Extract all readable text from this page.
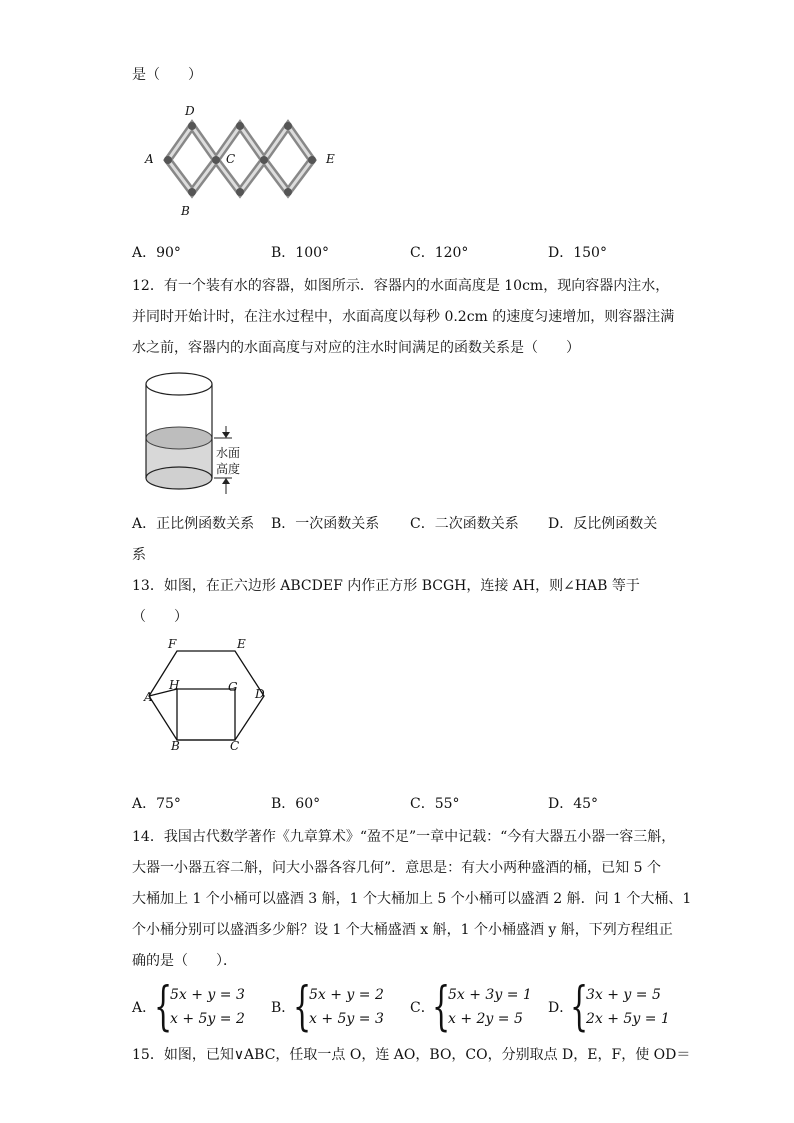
是（　　）
D
A	C	E
B
A．90°	B．100°	C．120°	D．150°
12．有一个装有水的容器，如图所示．容器内的水面高度是 10cm，现向容器内注水，
并同时开始计时，在注水过程中，水面高度以每秒 0.2cm 的速度匀速增加，则容器注满
水之前，容器内的水面高度与对应的注水时间满足的函数关系是（　　）
水面
高度
A．正比例函数关系 B．一次函数关系 C．二次函数关系 D．反比例函数关
系
13．如图，在正六边形 ABCDEF 内作正方形 BCGH，连接 AH，则∠HAB 等于
（　　）
F	E
A
H	G D
B	C
A．75°	B．60°	C．55°	D．45°
14．我国古代数学著作《九章算术》“盈不足”一章中记载：“今有大器五小器一容三斛，
大器一小器五容二斛，问大小器各容几何”．意思是：有大小两种盛酒的桶，已知 5 个
大桶加上 1 个小桶可以盛酒 3 斛，1 个大桶加上 5 个小桶可以盛酒 2 斛．问 1 个大桶、1
个小桶分别可以盛酒多少斛？设 1 个大桶盛酒 x 斛，1 个小桶盛酒 y 斛，下列方程组正
确的是（　　）．
A．
{
5x + y = 3
x + 5y = 2
B．
{
5x + y = 2
x + 5y = 3
C．
{
5x + 3y = 1
x + 2y = 5
D．
{
3x + y = 5
2x + 5y = 1
15．如图，已知∨ABC，任取一点 O，连 AO，BO，CO，分别取点 D，E，F，使 OD＝
